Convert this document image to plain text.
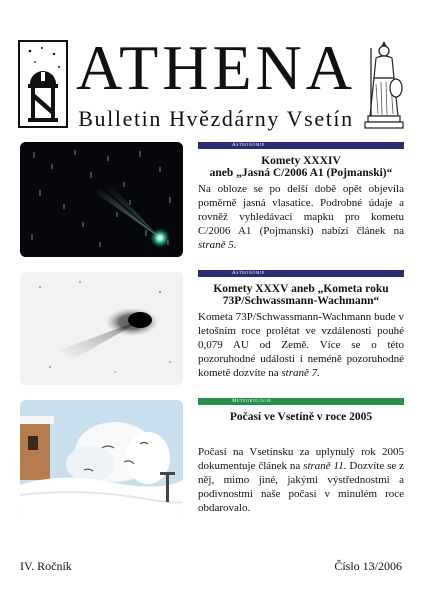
ATHENA
Bulletin Hvězdárny Vsetín
Astronomie
Komety XXXIV
aneb „Jasná C/2006 A1 (Pojmanski)“
Na obloze se po delší době opět objevila poměrně jasná vlasatice. Podrobné údaje a rovněž vyhledávací mapku pro kometu C/2006 A1 (Pojmanski) nabízí článek na straně 5.
Astronomie
Komety XXXV aneb „Kometa roku
73P/Schwassmann-Wachmann“
Kometa 73P/Schwassmann-Wachmann bude v letošním roce prolétat ve vzdálenosti pouhé 0,079 AU od Země. Více se o této pozoruhodné události i neméně pozoruhodné kometě dozvíte na straně 7.
Meteorologie
Počasí ve Vsetíně v roce 2005
Počasí na Vsetínsku za uplynulý rok 2005 dokumentuje článek na straně 11. Dozvíte se z něj, mimo jiné, jakými výstřednostmi a podivnostmi naše počasí v minulém roce obdarovalo.
IV. Ročník	Číslo 13/2006
